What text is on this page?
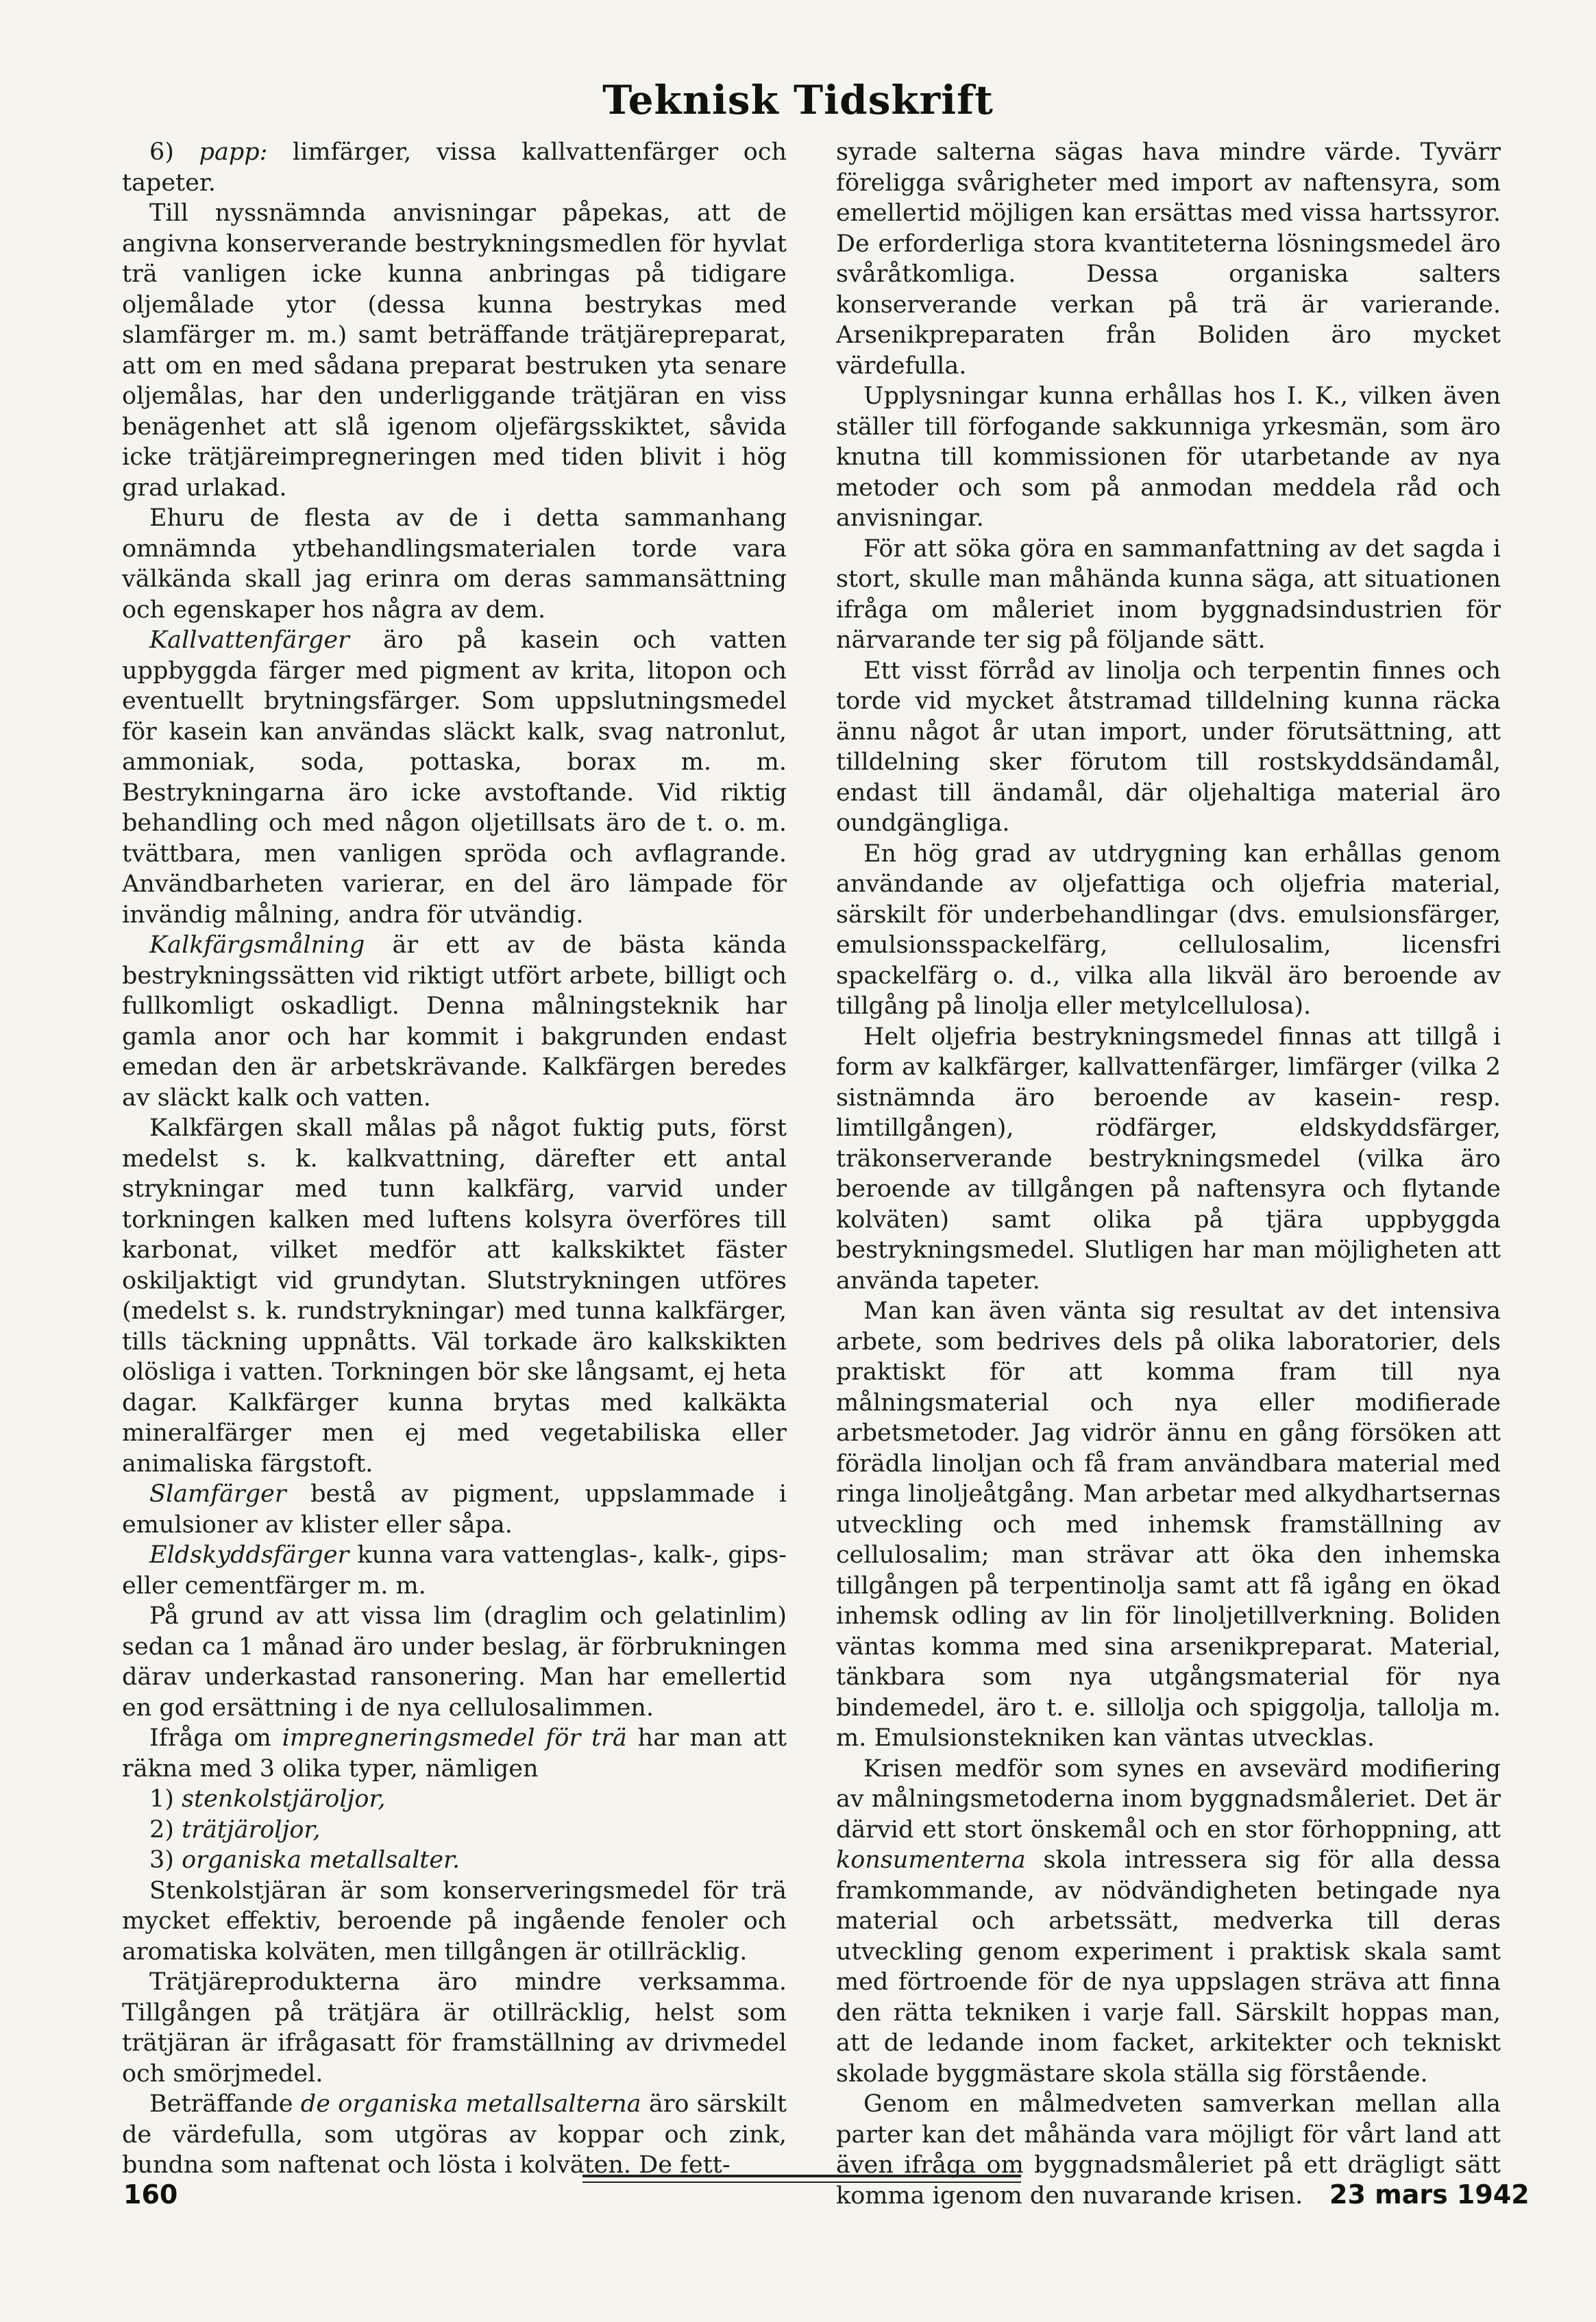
Teknisk Tidskrift

6) papp: limfärger, vissa kallvattenfärger och tapeter.

Till nyssnämnda anvisningar påpekas, att de angivna konserverande bestrykningsmedlen för hyvlat trä vanligen icke kunna anbringas på tidigare oljemålade ytor (dessa kunna bestrykas med slamfärger m. m.) samt beträffande trätjärepreparat, att om en med sådana preparat bestruken yta senare oljemålas, har den underliggande trätjäran en viss benägenhet att slå igenom oljefärgsskiktet, såvida icke trätjäreimpregneringen med tiden blivit i hög grad urlakad.

Ehuru de flesta av de i detta sammanhang omnämnda ytbehandlingsmaterialen torde vara välkända skall jag erinra om deras sammansättning och egenskaper hos några av dem.

Kallvattenfärger äro på kasein och vatten uppbyggda färger med pigment av krita, litopon och eventuellt brytningsfärger. Som uppslutningsmedel för kasein kan användas släckt kalk, svag natronlut, ammoniak, soda, pottaska, borax m. m. Bestrykningarna äro icke avstoftande. Vid riktig behandling och med någon oljetillsats äro de t. o. m. tvättbara, men vanligen spröda och avflagrande. Användbarheten varierar, en del äro lämpade för invändig målning, andra för utvändig.

Kalkfärgsmålning är ett av de bästa kända bestrykningssätten vid riktigt utfört arbete, billigt och fullkomligt oskadligt. Denna målningsteknik har gamla anor och har kommit i bakgrunden endast emedan den är arbetskrävande. Kalkfärgen beredes av släckt kalk och vatten.

Kalkfärgen skall målas på något fuktig puts, först medelst s. k. kalkvattning, därefter ett antal strykningar med tunn kalkfärg, varvid under torkningen kalken med luftens kolsyra överföres till karbonat, vilket medför att kalkskiktet fäster oskiljaktigt vid grundytan. Slutstrykningen utföres (medelst s. k. rundstrykningar) med tunna kalkfärger, tills täckning uppnåtts. Väl torkade äro kalkskikten olösliga i vatten. Torkningen bör ske långsamt, ej heta dagar. Kalkfärger kunna brytas med kalkäkta mineralfärger men ej med vegetabiliska eller animaliska färgstoft.

Slamfärger bestå av pigment, uppslammade i emulsioner av klister eller såpa.

Eldskyddsfärger kunna vara vattenglas-, kalk-, gips- eller cementfärger m. m.

På grund av att vissa lim (draglim och gelatinlim) sedan ca 1 månad äro under beslag, är förbrukningen därav underkastad ransonering. Man har emellertid en god ersättning i de nya cellulosalimmen.

Ifråga om impregneringsmedel för trä har man att räkna med 3 olika typer, nämligen

1) stenkolstjäroljor,

2) trätjäroljor,

3) organiska metallsalter.

Stenkolstjäran är som konserveringsmedel för trä mycket effektiv, beroende på ingående fenoler och aromatiska kolväten, men tillgången är otillräcklig.

Trätjäreprodukterna äro mindre verksamma. Tillgången på trätjära är otillräcklig, helst som trätjäran är ifrågasatt för framställning av drivmedel och smörjmedel.

Beträffande de organiska metallsalterna äro särskilt de värdefulla, som utgöras av koppar och zink, bundna som naftenat och lösta i kolväten. De fett-

syrade salterna sägas hava mindre värde. Tyvärr föreligga svårigheter med import av naftensyra, som emellertid möjligen kan ersättas med vissa hartssyror. De erforderliga stora kvantiteterna lösningsmedel äro svåråtkomliga. Dessa organiska salters konserverande verkan på trä är varierande. Arsenikpreparaten från Boliden äro mycket värdefulla.

Upplysningar kunna erhållas hos I. K., vilken även ställer till förfogande sakkunniga yrkesmän, som äro knutna till kommissionen för utarbetande av nya metoder och som på anmodan meddela råd och anvisningar.

För att söka göra en sammanfattning av det sagda i stort, skulle man måhända kunna säga, att situationen ifråga om måleriet inom byggnadsindustrien för närvarande ter sig på följande sätt.

Ett visst förråd av linolja och terpentin finnes och torde vid mycket åtstramad tilldelning kunna räcka ännu något år utan import, under förutsättning, att tilldelning sker förutom till rostskyddsändamål, endast till ändamål, där oljehaltiga material äro oundgängliga.

En hög grad av utdrygning kan erhållas genom användande av oljefattiga och oljefria material, särskilt för underbehandlingar (dvs. emulsionsfärger, emulsionsspackelfärg, cellulosalim, licensfri spackelfärg o. d., vilka alla likväl äro beroende av tillgång på linolja eller metylcellulosa).

Helt oljefria bestrykningsmedel finnas att tillgå i form av kalkfärger, kallvattenfärger, limfärger (vilka 2 sistnämnda äro beroende av kasein- resp. limtillgången), rödfärger, eldskyddsfärger, träkonserverande bestrykningsmedel (vilka äro beroende av tillgången på naftensyra och flytande kolväten) samt olika på tjära uppbyggda bestrykningsmedel. Slutligen har man möjligheten att använda tapeter.

Man kan även vänta sig resultat av det intensiva arbete, som bedrives dels på olika laboratorier, dels praktiskt för att komma fram till nya målningsmaterial och nya eller modifierade arbetsmetoder. Jag vidrör ännu en gång försöken att förädla linoljan och få fram användbara material med ringa linoljeåtgång. Man arbetar med alkydhartsernas utveckling och med inhemsk framställning av cellulosalim; man strävar att öka den inhemska tillgången på terpentinolja samt att få igång en ökad inhemsk odling av lin för linoljetillverkning. Boliden väntas komma med sina arsenikpreparat. Material, tänkbara som nya utgångsmaterial för nya bindemedel, äro t. e. sillolja och spiggolja, tallolja m. m. Emulsionstekniken kan väntas utvecklas.

Krisen medför som synes en avsevärd modifiering av målningsmetoderna inom byggnadsmåleriet. Det är därvid ett stort önskemål och en stor förhoppning, att konsumenterna skola intressera sig för alla dessa framkommande, av nödvändigheten betingade nya material och arbetssätt, medverka till deras utveckling genom experiment i praktisk skala samt med förtroende för de nya uppslagen sträva att finna den rätta tekniken i varje fall. Särskilt hoppas man, att de ledande inom facket, arkitekter och tekniskt skolade byggmästare skola ställa sig förstående.

Genom en målmedveten samverkan mellan alla parter kan det måhända vara möjligt för vårt land att även ifråga om byggnadsmåleriet på ett drägligt sätt komma igenom den nuvarande krisen.

160	23 mars 1942
